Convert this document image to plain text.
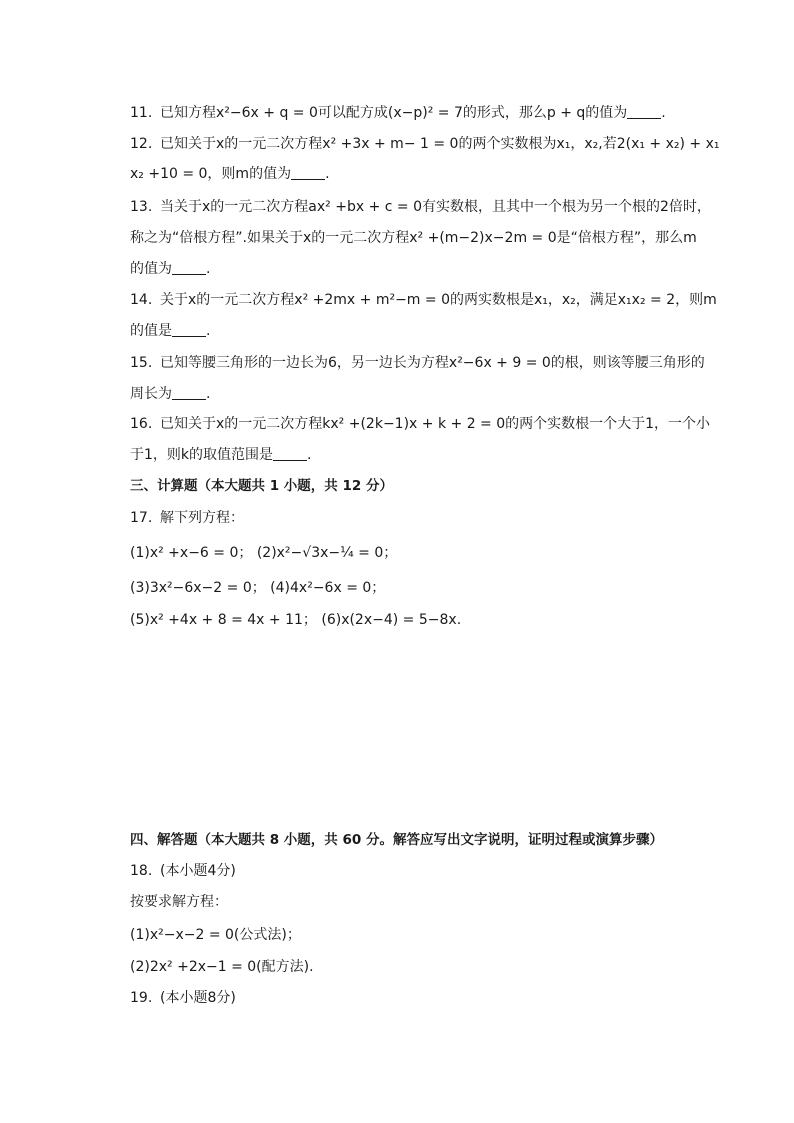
11. 已知方程x²−6x + q = 0可以配方成(x−p)² = 7的形式，那么p + q的值为 .
12. 已知关于x的一元二次方程x² +3x + m− 1 = 0的两个实数根为x₁，x₂,若2(x₁ + x₂) + x₁
x₂ +10 = 0，则m的值为 .
13. 当关于x的一元二次方程ax² +bx + c = 0有实数根，且其中一个根为另一个根的2倍时，
称之为“倍根方程”.如果关于x的一元二次方程x² +(m−2)x−2m = 0是“倍根方程”，那么m
的值为 .
14. 关于x的一元二次方程x² +2mx + m²−m = 0的两实数根是x₁，x₂，满足x₁x₂ = 2，则m
的值是 .
15. 已知等腰三角形的一边长为6，另一边长为方程x²−6x + 9 = 0的根，则该等腰三角形的
周长为 .
16. 已知关于x的一元二次方程kx² +(2k−1)x + k + 2 = 0的两个实数根一个大于1，一个小
于1，则k的取值范围是 .
三、计算题（本大题共 1 小题，共 12 分）
17. 解下列方程：
(1)x² +x−6 = 0； (2)x²−√3x−¼ = 0；
(3)3x²−6x−2 = 0； (4)4x²−6x = 0；
(5)x² +4x + 8 = 4x + 11； (6)x(2x−4) = 5−8x.
四、解答题（本大题共 8 小题，共 60 分。解答应写出文字说明，证明过程或演算步骤）
18. (本小题4分)
按要求解方程：
(1)x²−x−2 = 0(公式法)；
(2)2x² +2x−1 = 0(配方法).
19. (本小题8分)
